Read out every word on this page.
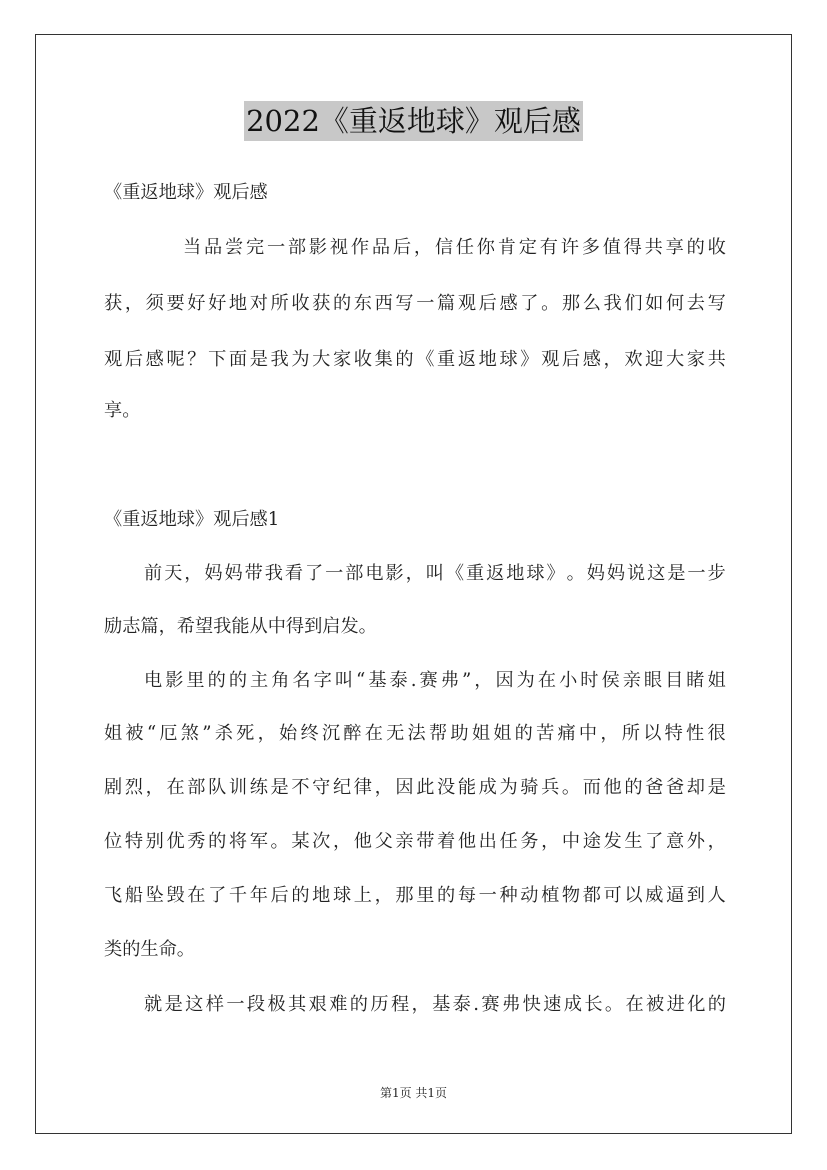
2022《重返地球》观后感
《重返地球》观后感
当 品 尝 完 一 部 影 视 作 品 后 ， 信 任 你 肯 定 有 许 多 值 得 共 享 的 收
获 ， 须 要 好 好 地 对 所 收 获 的 东 西 写 一 篇 观 后 感 了 。 那 么 我 们 如 何 去 写
观 后 感 呢 ？ 下 面 是 我 为 大 家 收 集 的 《 重 返 地 球 》 观 后 感 ， 欢 迎 大 家 共
享。
《重返地球》观后感1
前 天 ， 妈 妈 带 我 看 了 一 部 电 影 ， 叫 《 重 返 地 球 》 。 妈 妈 说 这 是 一 步
励志篇，希望我能从中得到启发。
电 影 里 的 的 主 角 名 字 叫 “ 基 泰 . 赛 弗 ” ， 因 为 在 小 时 侯 亲 眼 目 睹 姐
姐 被 “ 厄 煞 ” 杀 死 ， 始 终 沉 醉 在 无 法 帮 助 姐 姐 的 苦 痛 中 ， 所 以 特 性 很
剧 烈 ， 在 部 队 训 练 是 不 守 纪 律 ， 因 此 没 能 成 为 骑 兵 。 而 他 的 爸 爸 却 是
位 特 别 优 秀 的 将 军 。 某 次 ， 他 父 亲 带 着 他 出 任 务 ， 中 途 发 生 了 意 外 ，
飞 船 坠 毁 在 了 千 年 后 的 地 球 上 ， 那 里 的 每 一 种 动 植 物 都 可 以 威 逼 到 人
类的生命。
就 是 这 样 一 段 极 其 艰 难 的 历 程 ， 基 泰 . 赛 弗 快 速 成 长 。 在 被 进 化 的
第1页 共1页
